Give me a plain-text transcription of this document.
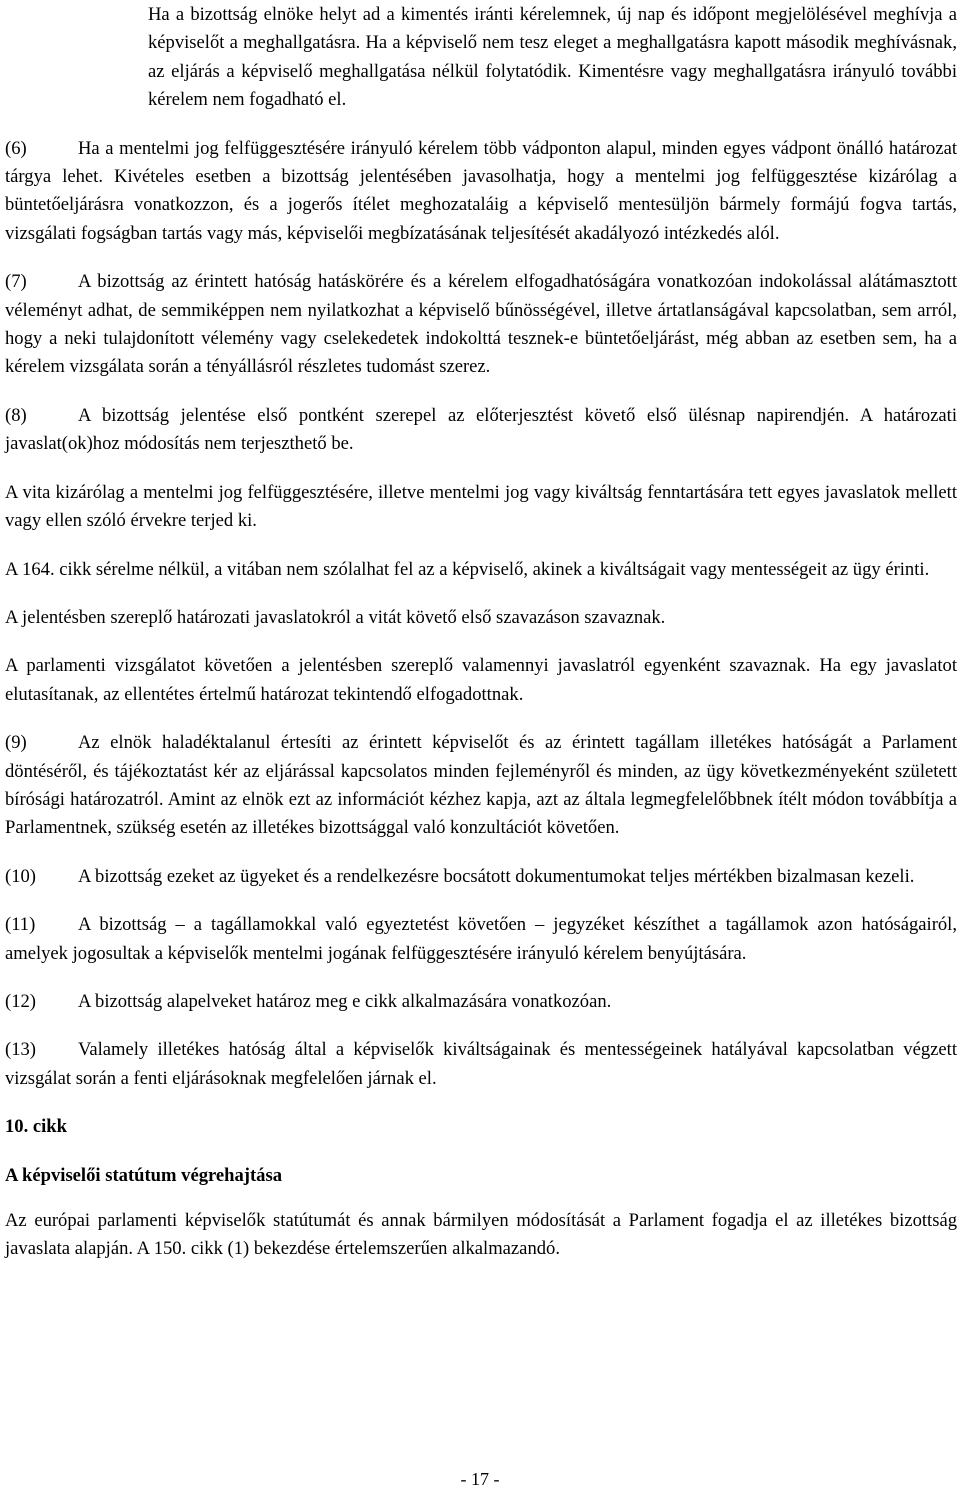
Ha a bizottság elnöke helyt ad a kimentés iránti kérelemnek, új nap és időpont megjelölésével meghívja a képviselőt a meghallgatásra. Ha a képviselő nem tesz eleget a meghallgatásra kapott második meghívásnak, az eljárás a képviselő meghallgatása nélkül folytatódik. Kimentésre vagy meghallgatásra irányuló további kérelem nem fogadható el.

(6)	Ha a mentelmi jog felfüggesztésére irányuló kérelem több vádponton alapul, minden egyes vádpont önálló határozat tárgya lehet. Kivételes esetben a bizottság jelentésében javasolhatja, hogy a mentelmi jog felfüggesztése kizárólag a büntetőeljárásra vonatkozzon, és a jogerős ítélet meghozataláig a képviselő mentesüljön bármely formájú fogva tartás, vizsgálati fogságban tartás vagy más, képviselői megbízatásának teljesítését akadályozó intézkedés alól.

(7)	A bizottság az érintett hatóság hatáskörére és a kérelem elfogadhatóságára vonatkozóan indokolással alátámasztott véleményt adhat, de semmiképpen nem nyilatkozhat a képviselő bűnösségével, illetve ártatlanságával kapcsolatban, sem arról, hogy a neki tulajdonított vélemény vagy cselekedetek indokolttá tesznek-e büntetőeljárást, még abban az esetben sem, ha a kérelem vizsgálata során a tényállásról részletes tudomást szerez.

(8)	A bizottság jelentése első pontként szerepel az előterjesztést követő első ülésnap napirendjén. A határozati javaslat(ok)hoz módosítás nem terjeszthető be.

A vita kizárólag a mentelmi jog felfüggesztésére, illetve mentelmi jog vagy kiváltság fenntartására tett egyes javaslatok mellett vagy ellen szóló érvekre terjed ki.

A 164. cikk sérelme nélkül, a vitában nem szólalhat fel az a képviselő, akinek a kiváltságait vagy mentességeit az ügy érinti.

A jelentésben szereplő határozati javaslatokról a vitát követő első szavazáson szavaznak.

A parlamenti vizsgálatot követően a jelentésben szereplő valamennyi javaslatról egyenként szavaznak. Ha egy javaslatot elutasítanak, az ellentétes értelmű határozat tekintendő elfogadottnak.

(9)	Az elnök haladéktalanul értesíti az érintett képviselőt és az érintett tagállam illetékes hatóságát a Parlament döntéséről, és tájékoztatást kér az eljárással kapcsolatos minden fejleményről és minden, az ügy következményeként született bírósági határozatról. Amint az elnök ezt az információt kézhez kapja, azt az általa legmegfelelőbbnek ítélt módon továbbítja a Parlamentnek, szükség esetén az illetékes bizottsággal való konzultációt követően.

(10) A bizottság ezeket az ügyeket és a rendelkezésre bocsátott dokumentumokat teljes mértékben bizalmasan kezeli.

(11) A bizottság – a tagállamokkal való egyeztetést követően – jegyzéket készíthet a tagállamok azon hatóságairól, amelyek jogosultak a képviselők mentelmi jogának felfüggesztésére irányuló kérelem benyújtására.

(12) A bizottság alapelveket határoz meg e cikk alkalmazására vonatkozóan.

(13) Valamely illetékes hatóság által a képviselők kiváltságainak és mentességeinek hatályával kapcsolatban végzett vizsgálat során a fenti eljárásoknak megfelelően járnak el.

10. cikk

A képviselői statútum végrehajtása

Az európai parlamenti képviselők statútumát és annak bármilyen módosítását a Parlament fogadja el az illetékes bizottság javaslata alapján. A 150. cikk (1) bekezdése értelemszerűen alkalmazandó.

- 17 -
